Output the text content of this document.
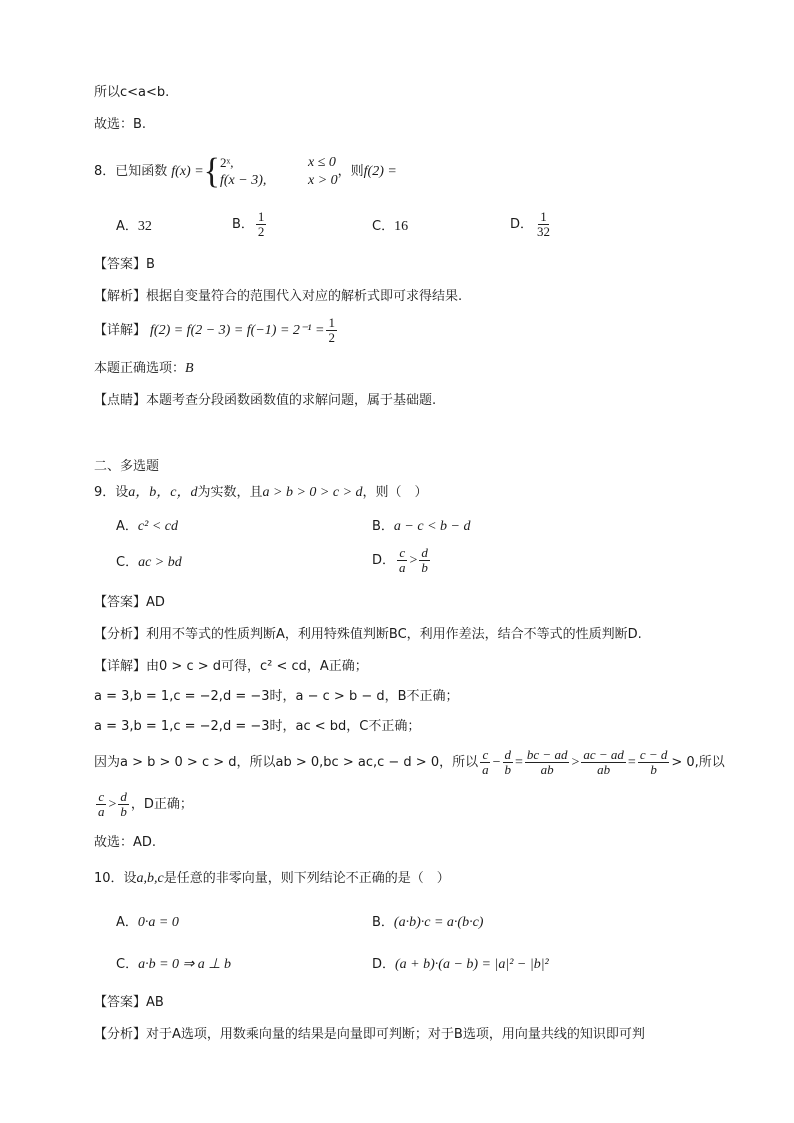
所以c<a<b.
故选：B.
8．已知函数 f(x) = { 2ˣ,	x ≤ 0
f(x − 3),	x > 0
，则 f(2) =
A．32	B． $\frac{1}{2}$	C．16	D． $\frac{1}{32}$
【答案】B
【解析】根据自变量符合的范围代入对应的解析式即可求得结果.
【详解】 $f(2) = f(2 - 3) = f(-1) = 2^{-1} = \frac{1}{2}$
本题正确选项：B
【点睛】本题考查分段函数函数值的求解问题，属于基础题.
二、多选题
9．设a，b，c，d为实数，且a > b > 0 > c > d，则（　）
A．c² < cd	B．a − c < b − d
C．ac > bd	D． $\frac{c}{a} > \frac{d}{b}$
【答案】AD
【分析】利用不等式的性质判断A，利用特殊值判断BC，利用作差法，结合不等式的性质判断D.
【详解】由0 > c > d可得，c² < cd，A正确；
a = 3,b = 1,c = −2,d = −3时，a − c > b − d，B不正确；
a = 3,b = 1,c = −2,d = −3时，ac < bd，C不正确；
因为a > b > 0 > c > d，所以ab > 0,bc > ac,c − d > 0，所以 $\frac{c}{a} - \frac{d}{b} = \frac{bc - ad}{ab} > \frac{ac - ad}{ab} = \frac{c - d}{b} > 0$,所以
$\frac{c}{a} > \frac{d}{b}$ ，D正确；
故选：AD.
10．设a,b,c是任意的非零向量，则下列结论不正确的是（　）
A．0·a = 0	B．(a·b)·c = a·(b·c)
C．a·b = 0 ⇒ a ⊥ b	D．(a + b)·(a − b) = |a|² − |b|²
【答案】AB
【分析】对于A选项，用数乘向量的结果是向量即可判断；对于B选项，用向量共线的知识即可判
